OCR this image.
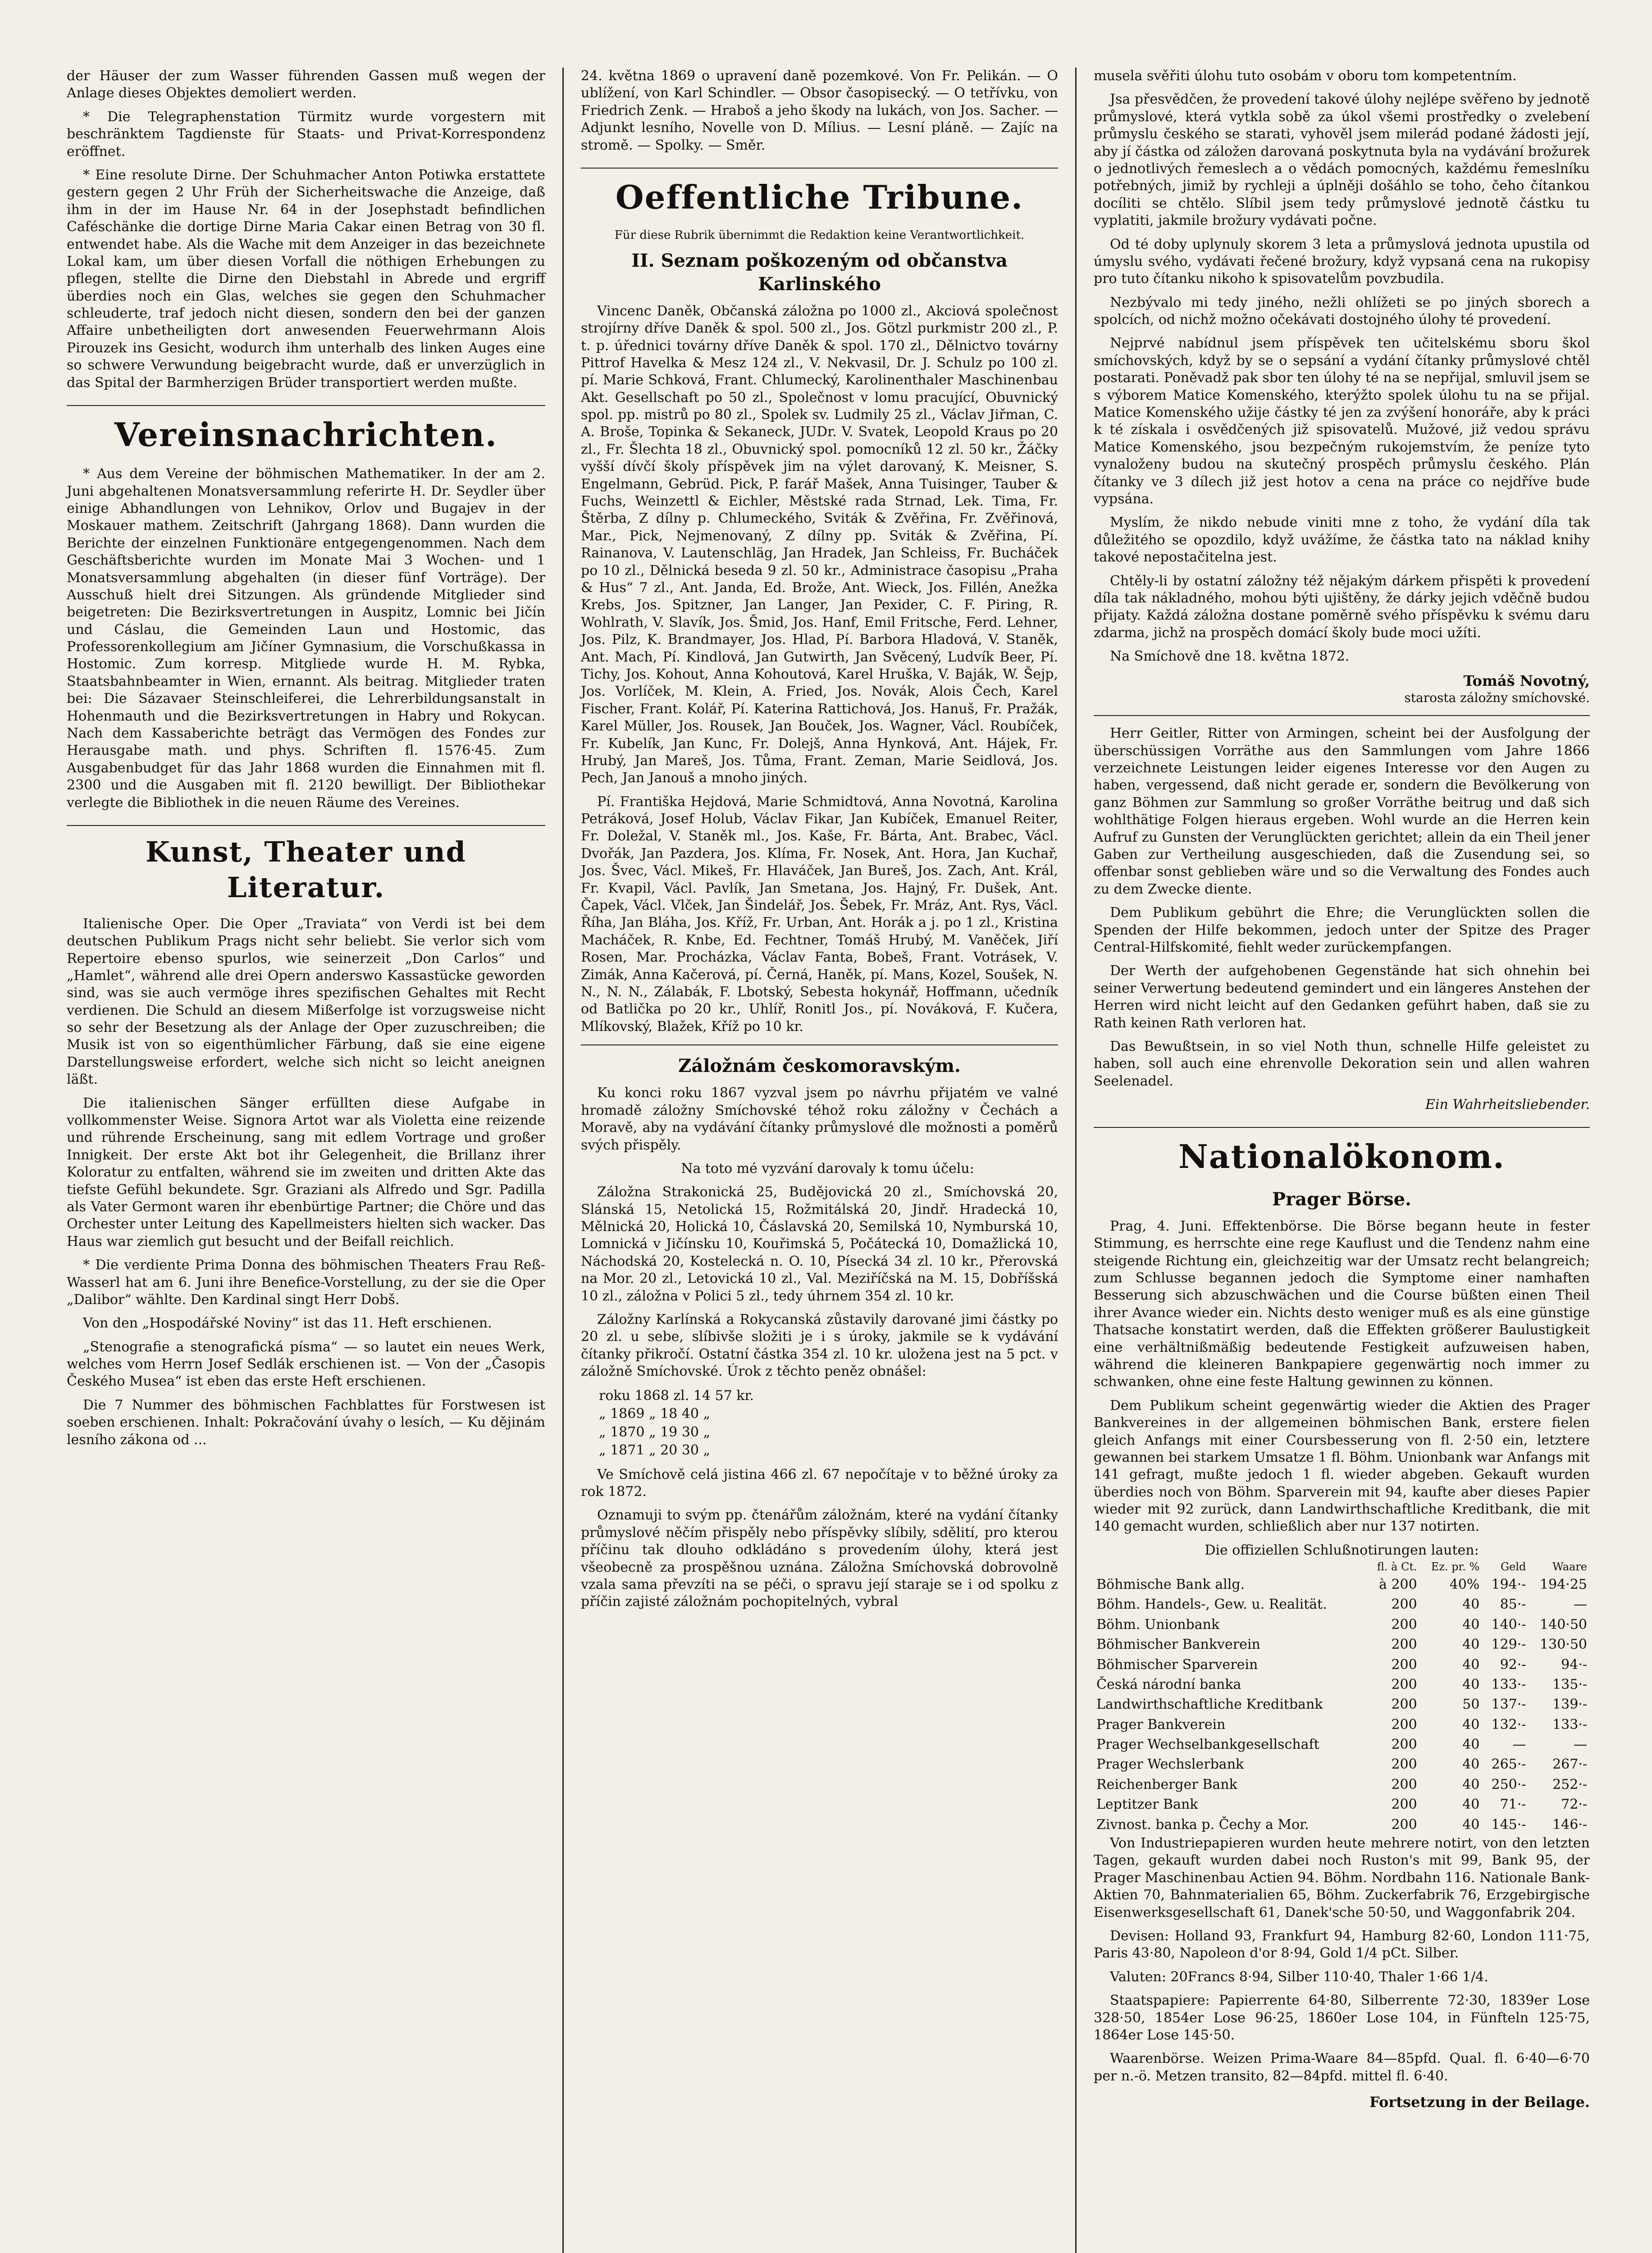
der Häuser der zum Wasser führenden Gassen muß wegen der Anlage dieses Objektes demoliert werden.

* Die Telegraphenstation Türmitz wurde vorgestern mit beschränktem Tagdienste für Staats- und Privat-Korrespondenz eröffnet.

* Eine resolute Dirne. Der Schuhmacher Anton Potiwka erstattete gestern gegen 2 Uhr Früh der Sicherheitswache die Anzeige, daß ihm in der im Hause Nr. 64 in der Josephstadt befindlichen Caféschänke die dortige Dirne Maria Cakar einen Betrag von 30 fl. entwendet habe. Als die Wache mit dem Anzeiger in das bezeichnete Lokal kam, um über diesen Vorfall die nöthigen Erhebungen zu pflegen, stellte die Dirne den Diebstahl in Abrede und ergriff überdies noch ein Glas, welches sie gegen den Schuhmacher schleuderte, traf jedoch nicht diesen, sondern den bei der ganzen Affaire unbetheiligten dort anwesenden Feuerwehrmann Alois Pirouzek ins Gesicht, wodurch ihm unterhalb des linken Auges eine so schwere Verwundung beigebracht wurde, daß er unverzüglich in das Spital der Barmherzigen Brüder transportiert werden mußte.

Vereinsnachrichten.

* Aus dem Vereine der böhmischen Mathematiker. In der am 2. Juni abgehaltenen Monatsversammlung referirte H. Dr. Seydler über einige Abhandlungen von Lehnikov, Orlov und Bugajev in der Moskauer mathem. Zeitschrift (Jahrgang 1868). Dann wurden die Berichte der einzelnen Funktionäre entgegengenommen. Nach dem Geschäftsberichte wurden im Monate Mai 3 Wochen- und 1 Monatsversammlung abgehalten (in dieser fünf Vorträge). Der Ausschuß hielt drei Sitzungen. Als gründende Mitglieder sind beigetreten: Die Bezirksvertretungen in Auspitz, Lomnic bei Jičín und Cáslau, die Gemeinden Laun und Hostomic, das Professorenkollegium am Jičíner Gymnasium, die Vorschußkassa in Hostomic. Zum korresp. Mitgliede wurde H. M. Rybka, Staatsbahnbeamter in Wien, ernannt. Als beitrag. Mitglieder traten bei: Die Sázavaer Steinschleiferei, die Lehrerbildungsanstalt in Hohenmauth und die Bezirksvertretungen in Habry und Rokycan. Nach dem Kassaberichte beträgt das Vermögen des Fondes zur Herausgabe math. und phys. Schriften fl. 1576·45. Zum Ausgabenbudget für das Jahr 1868 wurden die Einnahmen mit fl. 2300 und die Ausgaben mit fl. 2120 bewilligt. Der Bibliothekar verlegte die Bibliothek in die neuen Räume des Vereines.

Kunst, Theater und Literatur.

Italienische Oper. Die Oper „Traviata“ von Verdi ist bei dem deutschen Publikum Prags nicht sehr beliebt. Sie verlor sich vom Repertoire ebenso spurlos, wie seinerzeit „Don Carlos“ und „Hamlet“, während alle drei Opern anderswo Kassastücke geworden sind, was sie auch vermöge ihres spezifischen Gehaltes mit Recht verdienen. Die Schuld an diesem Mißerfolge ist vorzugsweise nicht so sehr der Besetzung als der Anlage der Oper zuzuschreiben; die Musik ist von so eigenthümlicher Färbung, daß sie eine eigene Darstellungsweise erfordert, welche sich nicht so leicht aneignen läßt.

Die italienischen Sänger erfüllten diese Aufgabe in vollkommenster Weise. Signora Artot war als Violetta eine reizende und rührende Erscheinung, sang mit edlem Vortrage und großer Innigkeit. Der erste Akt bot ihr Gelegenheit, die Brillanz ihrer Koloratur zu entfalten, während sie im zweiten und dritten Akte das tiefste Gefühl bekundete. Sgr. Graziani als Alfredo und Sgr. Padilla als Vater Germont waren ihr ebenbürtige Partner; die Chöre und das Orchester unter Leitung des Kapellmeisters hielten sich wacker. Das Haus war ziemlich gut besucht und der Beifall reichlich.

* Die verdiente Prima Donna des böhmischen Theaters Frau Reß-Wasserl hat am 6. Juni ihre Benefice-Vorstellung, zu der sie die Oper „Dalibor“ wählte. Den Kardinal singt Herr Dobš.

Von den „Hospodářské Noviny“ ist das 11. Heft erschienen.

„Stenografie a stenografická písma“ — so lautet ein neues Werk, welches vom Herrn Josef Sedlák erschienen ist. — Von der „Časopis Českého Musea“ ist eben das erste Heft erschienen.

Die 7 Nummer des böhmischen Fachblattes für Forstwesen ist soeben erschienen. Inhalt: Pokračování úvahy o lesích, — Ku dějinám lesního zákona od ...

24. května 1869 o upravení daně pozemkové. Von Fr. Pelikán. — O ublížení, von Karl Schindler. — Obsor časopisecký. — O tetřívku, von Friedrich Zenk. — Hraboš a jeho škody na lukách, von Jos. Sacher. — Adjunkt lesního, Novelle von D. Mílius. — Lesní pláně. — Zajíc na stromě. — Spolky. — Směr.

Oeffentliche Tribune.
Für diese Rubrik übernimmt die Redaktion keine Verantwortlichkeit.
II. Seznam poškozeným od občanstva Karlinského

Vincenc Daněk, Občanská záložna po 1000 zl., Akciová společnost strojírny dříve Daněk & spol. 500 zl., Jos. Götzl purkmistr 200 zl., P. t. p. úřednici továrny dříve Daněk & spol. 170 zl., Dělnictvo továrny Pittrof Havelka & Mesz 124 zl., V. Nekvasil, Dr. J. Schulz po 100 zl. pí. Marie Schková, Frant. Chlumecký, Karolinenthaler Maschinenbau Akt. Gesellschaft po 50 zl., Společnost v lomu pracující, Obuvnický spol. pp. mistrů po 80 zl., Spolek sv. Ludmily 25 zl., Václav Jiřman, C. A. Broše, Topinka & Sekaneck, JUDr. V. Svatek, Leopold Kraus po 20 zl., Fr. Šlechta 18 zl., Obuvnický spol. pomocníků 12 zl. 50 kr., Žáčky vyšší dívčí školy příspěvek jim na výlet darovaný, K. Meisner, S. Engelmann, Gebrüd. Pick, P. farář Mašek, Anna Tuisinger, Tauber & Fuchs, Weinzettl & Eichler, Městské rada Strnad, Lek. Tima, Fr. Štěrba, Z dílny p. Chlumeckého, Sviták & Zvěřina, Fr. Zvěřinová, Mar., Pick, Nejmenovaný, Z dílny pp. Sviták & Zvěřina, Pí. Rainanova, V. Lautenschläg, Jan Hradek, Jan Schleiss, Fr. Bucháček po 10 zl., Dělnická beseda 9 zl. 50 kr., Administrace časopisu „Praha & Hus“ 7 zl., Ant. Janda, Ed. Brože, Ant. Wieck, Jos. Fillén, Anežka Krebs, Jos. Spitzner, Jan Langer, Jan Pexider, C. F. Piring, R. Wohlrath, V. Slavík, Jos. Šmid, Jos. Hanf, Emil Fritsche, Ferd. Lehner, Jos. Pilz, K. Brandmayer, Jos. Hlad, Pí. Barbora Hladová, V. Staněk, Ant. Mach, Pí. Kindlová, Jan Gutwirth, Jan Svěcený, Ludvík Beer, Pí. Tichy, Jos. Kohout, Anna Kohoutová, Karel Hruška, V. Baják, W. Šejp, Jos. Vorlíček, M. Klein, A. Fried, Jos. Novák, Alois Čech, Karel Fischer, Frant. Kolář, Pí. Katerina Rattichová, Jos. Hanuš, Fr. Pražák, Karel Müller, Jos. Rousek, Jan Bouček, Jos. Wagner, Václ. Roubíček, Fr. Kubelík, Jan Kunc, Fr. Dolejš, Anna Hynková, Ant. Hájek, Fr. Hrubý, Jan Mareš, Jos. Tůma, Frant. Zeman, Marie Seidlová, Jos. Pech, Jan Janouš a mnoho jiných.

Pí. Františka Hejdová, Marie Schmidtová, Anna Novotná, Karolina Petráková, Josef Holub, Václav Fikar, Jan Kubíček, Emanuel Reiter, Fr. Doležal, V. Staněk ml., Jos. Kaše, Fr. Bárta, Ant. Brabec, Václ. Dvořák, Jan Pazdera, Jos. Klíma, Fr. Nosek, Ant. Hora, Jan Kuchař, Jos. Švec, Václ. Mikeš, Fr. Hlaváček, Jan Bureš, Jos. Zach, Ant. Král, Fr. Kvapil, Václ. Pavlík, Jan Smetana, Jos. Hajný, Fr. Dušek, Ant. Čapek, Václ. Vlček, Jan Šindelář, Jos. Šebek, Fr. Mráz, Ant. Rys, Václ. Říha, Jan Bláha, Jos. Kříž, Fr. Urban, Ant. Horák a j. po 1 zl., Kristina Macháček, R. Knbe, Ed. Fechtner, Tomáš Hrubý, M. Vaněček, Jiří Rosen, Mar. Procházka, Václav Fanta, Bobeš, Frant. Votrásek, V. Zimák, Anna Kačerová, pí. Černá, Haněk, pí. Mans, Kozel, Soušek, N. N., N. N., Zálabák, F. Lbotský, Sebesta hokynář, Hoffmann, učedník od Batlička po 20 kr., Uhlíř, Ronitl Jos., pí. Nováková, F. Kučera, Mlíkovský, Blažek, Kříž po 10 kr.

Záložnám českomoravským.

Ku konci roku 1867 vyzval jsem po návrhu přijatém ve valné hromadě záložny Smíchovské téhož roku záložny v Čechách a Moravě, aby na vydávání čítanky průmyslové dle možnosti a poměrů svých přispěly.

Na toto mé vyzvání darovaly k tomu účelu:

Záložna Strakonická 25, Budějovická 20 zl., Smíchovská 20, Slánská 15, Netolická 15, Rožmitálská 20, Jindř. Hradecká 10, Mělnická 20, Holická 10, Čáslavská 20, Semilská 10, Nymburská 10, Lomnická v Jičínsku 10, Kouřimská 5, Počátecká 10, Domažlická 10, Náchodská 20, Kostelecká n. O. 10, Písecká 34 zl. 10 kr., Přerovská na Mor. 20 zl., Letovická 10 zl., Val. Meziříčská na M. 15, Dobříšská 10 zl., záložna v Polici 5 zl., tedy úhrnem 354 zl. 10 kr.

Záložny Karlínská a Rokycanská zůstavily darované jimi částky po 20 zl. u sebe, slíbivše složiti je i s úroky, jakmile se k vydávání čítanky přikročí. Ostatní částka 354 zl. 10 kr. uložena jest na 5 pct. v záložně Smíchovské. Úrok z těchto peněz obnášel:

roku 1868 zl. 14 57 kr.
„ 1869 „ 18 40 „
„ 1870 „ 19 30 „
„ 1871 „ 20 30 „

Ve Smíchově celá jistina 466 zl. 67 nepočítaje v to běžné úroky za rok 1872.

Oznamuji to svým pp. čtenářům záložnám, které na vydání čítanky průmyslové něčím přispěly nebo příspěvky slíbily, sdělití, pro kterou příčinu tak dlouho odkládáno s provedením úlohy, která jest všeobecně za prospěšnou uznána. Záložna Smíchovská dobrovolně vzala sama převzíti na se péči, o spravu její staraje se i od spolku z příčin zajisté záložnám pochopitelných, vybral

musela svěřiti úlohu tuto osobám v oboru tom kompetentním.

Jsa přesvědčen, že provedení takové úlohy nejlépe svěřeno by jednotě průmyslové, která vytkla sobě za úkol všemi prostředky o zvelebení průmyslu českého se starati, vyhověl jsem milerád podané žádosti její, aby jí částka od záložen darovaná poskytnuta byla na vydávání brožurek o jednotlivých řemeslech a o vědách pomocných, každému řemeslníku potřebných, jimiž by rychleji a úplněji došáhlo se toho, čeho čítankou docíliti se chtělo. Slíbil jsem tedy průmyslové jednotě částku tu vyplatiti, jakmile brožury vydávati počne.

Od té doby uplynuly skorem 3 leta a průmyslová jednota upustila od úmyslu svého, vydávati řečené brožury, když vypsaná cena na rukopisy pro tuto čítanku nikoho k spisovatelům povzbudila.

Nezbývalo mi tedy jiného, nežli ohlížeti se po jiných sborech a spolcích, od nichž možno očekávati dostojného úlohy té provedení.

Nejprvé nabídnul jsem příspěvek ten učitelskému sboru škol smíchovských, když by se o sepsání a vydání čítanky průmyslové chtěl postarati. Poněvadž pak sbor ten úlohy té na se nepřijal, smluvil jsem se s výborem Matice Komenského, kterýžto spolek úlohu tu na se přijal. Matice Komenského užije částky té jen za zvýšení honoráře, aby k práci k té získala i osvědčených již spisovatelů. Mužové, již vedou správu Matice Komenského, jsou bezpečným rukojemstvím, že peníze tyto vynaloženy budou na skutečný prospěch průmyslu českého. Plán čítanky ve 3 dílech již jest hotov a cena na práce co nejdříve bude vypsána.

Myslím, že nikdo nebude viniti mne z toho, že vydání díla tak důležitého se opozdilo, když uvážíme, že částka tato na náklad knihy takové nepostačitelna jest.

Chtěly-li by ostatní záložny též nějakým dárkem přispěti k provedení díla tak nákladného, mohou býti ujištěny, že dárky jejich vděčně budou přijaty. Každá záložna dostane poměrně svého příspěvku k svému daru zdarma, jichž na prospěch domácí školy bude moci užíti.

Na Smíchově dne 18. května 1872.

Tomáš Novotný,
starosta záložny smíchovské.

Herr Geitler, Ritter von Armingen, scheint bei der Ausfolgung der überschüssigen Vorräthe aus den Sammlungen vom Jahre 1866 verzeichnete Leistungen leider eigenes Interesse vor den Augen zu haben, vergessend, daß nicht gerade er, sondern die Bevölkerung von ganz Böhmen zur Sammlung so großer Vorräthe beitrug und daß sich wohlthätige Folgen hieraus ergeben. Wohl wurde an die Herren kein Aufruf zu Gunsten der Verunglückten gerichtet; allein da ein Theil jener Gaben zur Vertheilung ausgeschieden, daß die Zusendung sei, so offenbar sonst geblieben wäre und so die Verwaltung des Fondes auch zu dem Zwecke diente.

Dem Publikum gebührt die Ehre; die Verunglückten sollen die Spenden der Hilfe bekommen, jedoch unter der Spitze des Prager Central-Hilfskomité, fiehlt weder zurückempfangen.

Der Werth der aufgehobenen Gegenstände hat sich ohnehin bei seiner Verwertung bedeutend gemindert und ein längeres Anstehen der Herren wird nicht leicht auf den Gedanken geführt haben, daß sie zu Rath keinen Rath verloren hat.

Das Bewußtsein, in so viel Noth thun, schnelle Hilfe geleistet zu haben, soll auch eine ehrenvolle Dekoration sein und allen wahren Seelenadel.

Ein Wahrheitsliebender.
Nationalökonom.
Prager Börse.

Prag, 4. Juni. Effektenbörse. Die Börse begann heute in fester Stimmung, es herrschte eine rege Kauflust und die Tendenz nahm eine steigende Richtung ein, gleichzeitig war der Umsatz recht belangreich; zum Schlusse begannen jedoch die Symptome einer namhaften Besserung sich abzuschwächen und die Course büßten einen Theil ihrer Avance wieder ein. Nichts desto weniger muß es als eine günstige Thatsache konstatirt werden, daß die Effekten größerer Baulustigkeit eine verhältnißmäßig bedeutende Festigkeit aufzuweisen haben, während die kleineren Bankpapiere gegenwärtig noch immer zu schwanken, ohne eine feste Haltung gewinnen zu können.

Dem Publikum scheint gegenwärtig wieder die Aktien des Prager Bankvereines in der allgemeinen böhmischen Bank, erstere fielen gleich Anfangs mit einer Coursbesserung von fl. 2·50 ein, letztere gewannen bei starkem Umsatze 1 fl. Böhm. Unionbank war Anfangs mit 141 gefragt, mußte jedoch 1 fl. wieder abgeben. Gekauft wurden überdies noch von Böhm. Sparverein mit 94, kaufte aber dieses Papier wieder mit 92 zurück, dann Landwirthschaftliche Kreditbank, die mit 140 gemacht wurden, schließlich aber nur 137 notirten.

Die offiziellen Schlußnotirungen lauten:
	fl. à Ct.	Ez. pr. %	Geld	Waare
Böhmische Bank allg.	à 200	40%	194·-	194·25
Böhm. Handels-, Gew. u. Realität.	200	40	85·-	—
Böhm. Unionbank	200	40	140·-	140·50
Böhmischer Bankverein	200	40	129·-	130·50
Böhmischer Sparverein	200	40	92·-	94·-
Česká národní banka	200	40	133·-	135·-
Landwirthschaftliche Kreditbank	200	50	137·-	139·-
Prager Bankverein	200	40	132·-	133·-
Prager Wechselbankgesellschaft	200	40	—	—
Prager Wechslerbank	200	40	265·-	267·-
Reichenberger Bank	200	40	250·-	252·-
Leptitzer Bank	200	40	71·-	72·-
Zivnost. banka p. Čechy a Mor.	200	40	145·-	146·-

Von Industriepapieren wurden heute mehrere notirt, von den letzten Tagen, gekauft wurden dabei noch Ruston's mit 99, Bank 95, der Prager Maschinenbau Actien 94. Böhm. Nordbahn 116. Nationale Bank-Aktien 70, Bahnmaterialien 65, Böhm. Zuckerfabrik 76, Erzgebirgische Eisenwerksgesellschaft 61, Danek'sche 50·50, und Waggonfabrik 204.

Devisen: Holland 93, Frankfurt 94, Hamburg 82·60, London 111·75, Paris 43·80, Napoleon d'or 8·94, Gold 1/4 pCt. Silber.

Valuten: 20Francs 8·94, Silber 110·40, Thaler 1·66 1/4.

Staatspapiere: Papierrente 64·80, Silberrente 72·30, 1839er Lose 328·50, 1854er Lose 96·25, 1860er Lose 104, in Fünfteln 125·75, 1864er Lose 145·50.

Waarenbörse. Weizen Prima-Waare 84—85pfd. Qual. fl. 6·40—6·70 per n.-ö. Metzen transito, 82—84pfd. mittel fl. 6·40.

Fortsetzung in der Beilage.
